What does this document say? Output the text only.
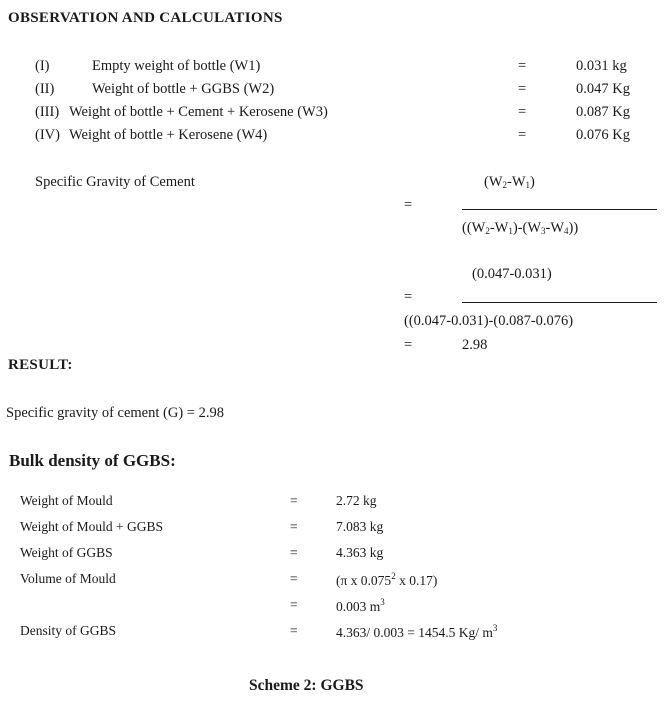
OBSERVATION AND CALCULATIONS
(I)	Empty weight of bottle (W1)	=	0.031 kg
(II)	Weight of bottle + GGBS (W2)	=	0.047 Kg
(III) Weight of bottle + Cement + Kerosene (W3)	=	0.087 Kg
(IV) Weight of bottle + Kerosene (W4)	=	0.076 Kg
Specific Gravity of Cement	$(W_2-W_1)$
=
$((W_2-W_1)-(W_3-W_4))$
(0.047-0.031)
=
((0.047-0.031)-(0.087-0.076)
=	2.98
RESULT:
Specific gravity of cement (G) = 2.98
Bulk density of GGBS:
Weight of Mould	=	2.72 kg
Weight of Mould + GGBS	=	7.083 kg
Weight of GGBS	=	4.363 kg
Volume of Mould	=	(π x 0.075$^2$ x 0.17)
=	0.003 $m^3$
Density of GGBS	=	4.363/ 0.003 = 1454.5 Kg/ $m^3$
Scheme 2: GGBS
